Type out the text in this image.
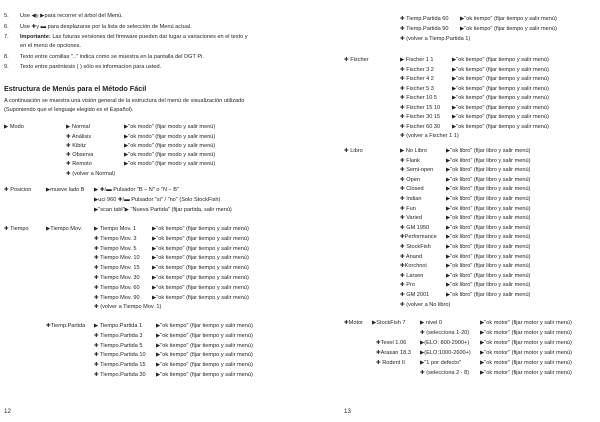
5. Use ◀y ▶para recorrer el árbol del Menú.
6. Use ✚y ▬ para desplazarse por la lista de selección de Menú actual.
7. Importante: Las futuras versiones del firmware pueden dar lugar a variaciones en el texto y
en el menú de opciones.
8. Texto entre comillas ".." indica como se muestra en la pantalla del DGT Pi.
9. Texto entre paréntesis ( ) sólo es informacion para usted.
Estructura de Menús para el Método Fácil
A continuación se muestra una visión general de la estructura del menú de visualización utilizado
(Suponiendo que el lenguaje elegido es el Español).
▶ Modo	▶ Normal	▶"ok modo" (fijar modo y salir menú)
✚ Análisis	▶"ok modo" (fijar modo y salir menú)
✚ Kibitz	▶"ok modo" (fijar modo y salir menú)
✚ Observa	▶"ok modo" (fijar modo y salir menú)
✚ Remoto	▶"ok modo" (fijar modo y salir menú)
✚ (volver a Normal)
✚ Posicion	▶mueve lado B ▶ ✚/▬ Pulsador "B – N" o "N – B"
▶uci 960 ✚/▬ Pulsador "si" / "no" (Solo StockFish)
▶"scan tabl"▶ "Nueva Partida" (fijar partida, salir menú)
✚ Tiempo	▶Tiempo Mov. ▶ Tiempo Mov. 1	▶"ok tiempo" (fijar tiempo y salir menú)
✚ Tiempo Mov. 3	▶"ok tiempo" (fijar tiempo y salir menú)
✚ Tiempo Mov. 5	▶"ok tiempo" (fijar tiempo y salir menú)
✚ Tiempo Mov. 10 ▶"ok tiempo" (fijar tiempo y salir menú)
✚ Tiempo Mov. 15 ▶"ok tiempo" (fijar tiempo y salir menú)
✚ Tiempo Mov. 30 ▶"ok tiempo" (fijar tiempo y salir menú)
✚ Tiempo Mov. 60 ▶"ok tiempo" (fijar tiempo y salir menú)
✚ Tiempo Mov. 90 ▶"ok tiempo" (fijar tiempo y salir menú)
✚ (volver a Tiempo Mov. 1)
✚Tiemp.Partida ▶ Tiempo.Partida 1 ▶"ok tiempo" (fijar tiempo y salir menú)
✚ Tiempo.Partida 3 ▶"ok tiempo" (fijar tiempo y salir menú)
✚ Tiempo.Partida 5 ▶"ok tiempo" (fijar tiempo y salir menú)
✚ Tiempo.Partida 10 ▶"ok tiempo" (fijar tiempo y salir menú)
✚ Tiempo.Partida 15 ▶"ok tiempo" (fijar tiempo y salir menú)
✚ Tiempo.Partida 30 ▶"ok tiempo" (fijar tiempo y salir menú)
12
✚ Tiemp.Partida 60 ▶"ok tiempo" (fijar tiempo y salir menú)
✚ Tiemp.Partida 90 ▶"ok tiempo" (fijar tiempo y salir menú)
✚ (volver a Tiemp.Partida 1)
✚ Fischer	▶ Fischer 1 1	▶"ok tiempo" (fijar tiempo y salir menú)
✚ Fischer 3 2	▶"ok tiempo" (fijar tiempo y salir menú)
✚ Fischer 4 2	▶"ok tiempo" (fijar tiempo y salir menú)
✚ Fischer 5 3	▶"ok tiempo" (fijar tiempo y salir menú)
✚ Fischer 10 5	▶"ok tiempo" (fijar tiempo y salir menú)
✚ Fischer 15 10 ▶"ok tiempo" (fijar tiempo y salir menú)
✚ Fischer 30 15 ▶"ok tiempo" (fijar tiempo y salir menú)
✚ Fischer 60 30 ▶"ok tiempo" (fijar tiempo y salir menú)
✚ (volver a Fischer 1 1)
✚ Libro	▶ No Libro	▶"ok libro" (fijar libro y salir menú)
✚ Flank	▶"ok libro" (fijar libro y salir menú)
✚ Semi-open ▶"ok libro" (fijar libro y salir menú)
✚ Open	▶"ok libro" (fijar libro y salir menú)
✚ Closed	▶"ok libro" (fijar libro y salir menú)
✚ Indian	▶"ok libro" (fijar libro y salir menú)
✚ Fun	▶"ok libro" (fijar libro y salir menú)
✚ Varied	▶"ok libro" (fijar libro y salir menú)
✚ GM 1950	▶"ok libro" (fijar libro y salir menú)
✚Performance ▶"ok libro" (fijar libro y salir menú)
✚ StockFish	▶"ok libro" (fijar libro y salir menú)
✚ Anand	▶"ok libro" (fijar libro y salir menú)
✚Korchnoi	▶"ok libro" (fijar libro y salir menú)
✚ Larsen	▶"ok libro" (fijar libro y salir menú)
✚ Pro	▶"ok libro" (fijar libro y salir menú)
✚ GM 2001	▶"ok libro" (fijar libro y salir menú)
✚ (volver a No libro)
✚Motor ▶StockFish 7	▶ nivel 0	▶"ok motor" (fijar motor y salir menú)
✚ (selecciona 1-20) ▶"ok motor" (fijar motor y salir menú)
✚Texel 1.06 ▶(ELO: 800-2900+) ▶"ok motor" (fijar motor y salir menú)
✚Arasan 18.3 ▶(ELO:1000-2600+) ▶"ok motor" (fijar motor y salir menú)
✚ Rodent II	▶"1 por defecto"	▶"ok motor" (fijar motor y salir menú)
✚ (selecciona 2 - 8) ▶"ok motor" (fijar motor y salir menú)
13
